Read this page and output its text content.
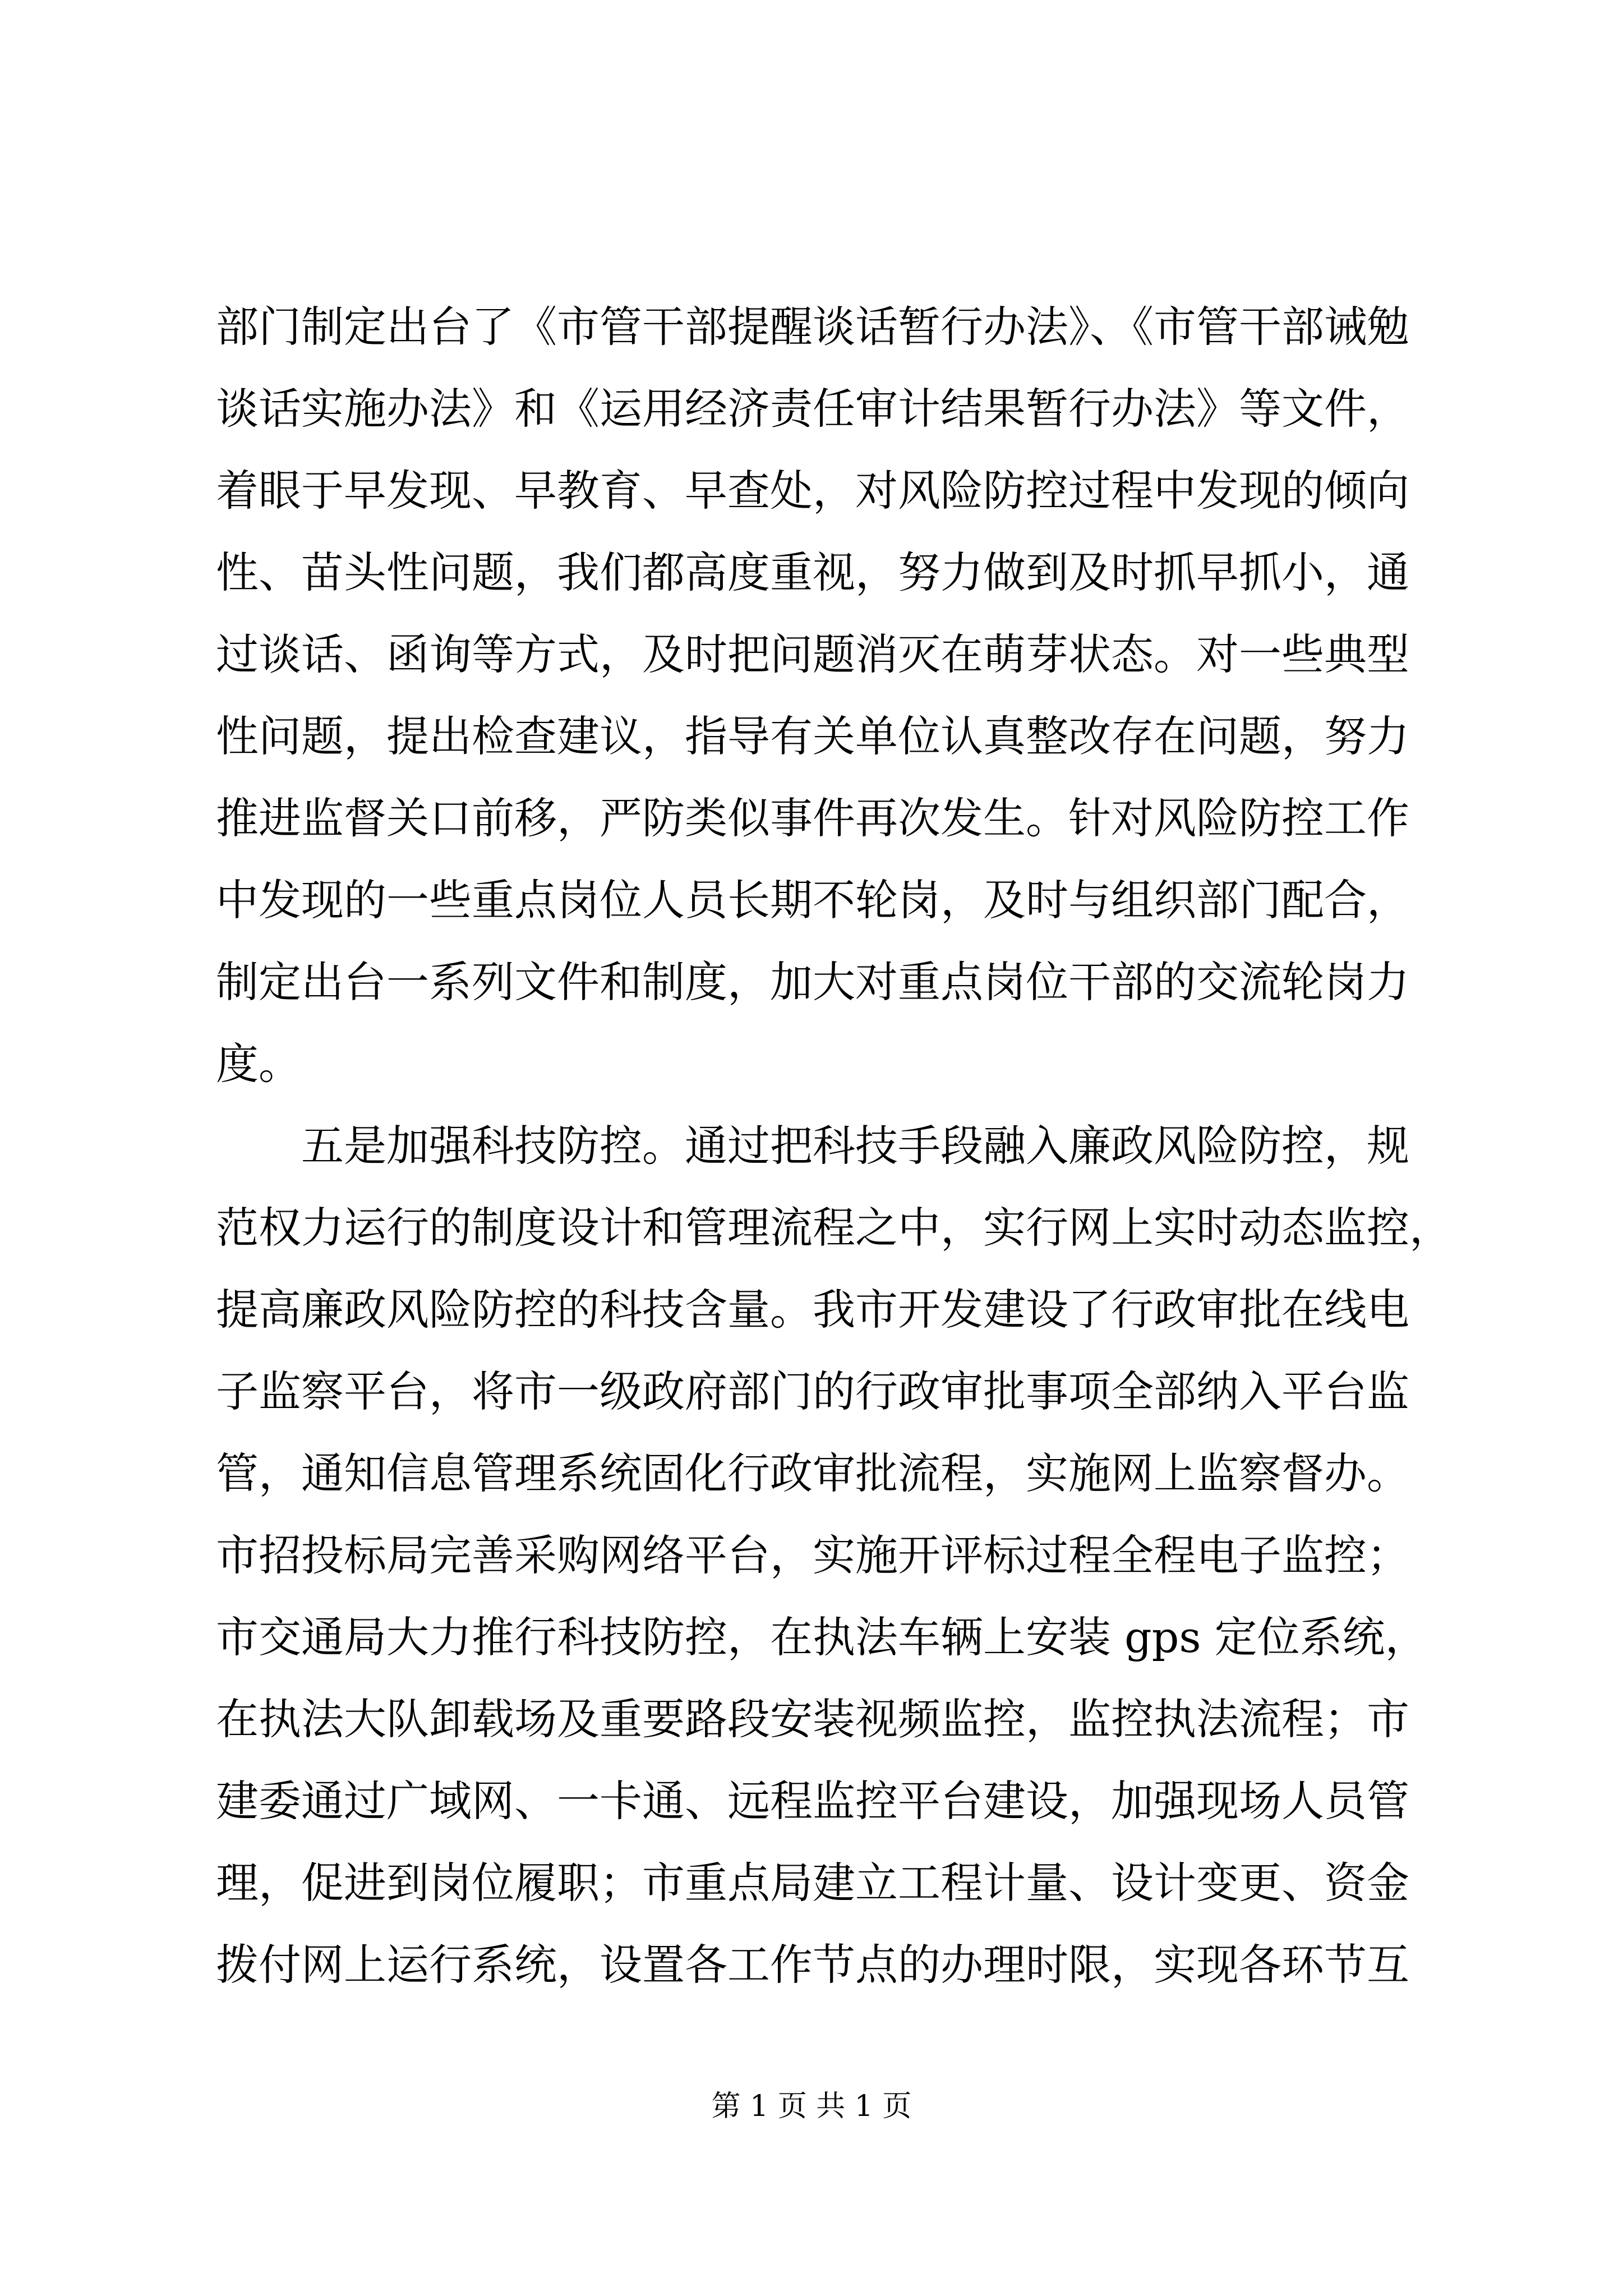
部门制定出台了《市管干部提醒谈话暂行办法》、《市管干部诫勉
谈话实施办法》和《运用经济责任审计结果暂行办法》等文件，
着眼于早发现、早教育、早查处，对风险防控过程中发现的倾向
性、苗头性问题，我们都高度重视，努力做到及时抓早抓小，通
过谈话、函询等方式，及时把问题消灭在萌芽状态。对一些典型
性问题，提出检查建议，指导有关单位认真整改存在问题，努力
推进监督关口前移，严防类似事件再次发生。针对风险防控工作
中发现的一些重点岗位人员长期不轮岗，及时与组织部门配合，
制定出台一系列文件和制度，加大对重点岗位干部的交流轮岗力
度。
五是加强科技防控。通过把科技手段融入廉政风险防控，规
范权力运行的制度设计和管理流程之中，实行网上实时动态监控，
提高廉政风险防控的科技含量。我市开发建设了行政审批在线电
子监察平台，将市一级政府部门的行政审批事项全部纳入平台监
管，通知信息管理系统固化行政审批流程，实施网上监察督办。
市招投标局完善采购网络平台，实施开评标过程全程电子监控；
市交通局大力推行科技防控，在执法车辆上安装 gps 定位系统，
在执法大队卸载场及重要路段安装视频监控，监控执法流程；市
建委通过广域网、一卡通、远程监控平台建设，加强现场人员管
理，促进到岗位履职；市重点局建立工程计量、设计变更、资金
拨付网上运行系统，设置各工作节点的办理时限，实现各环节互
第 1 页 共 1 页
